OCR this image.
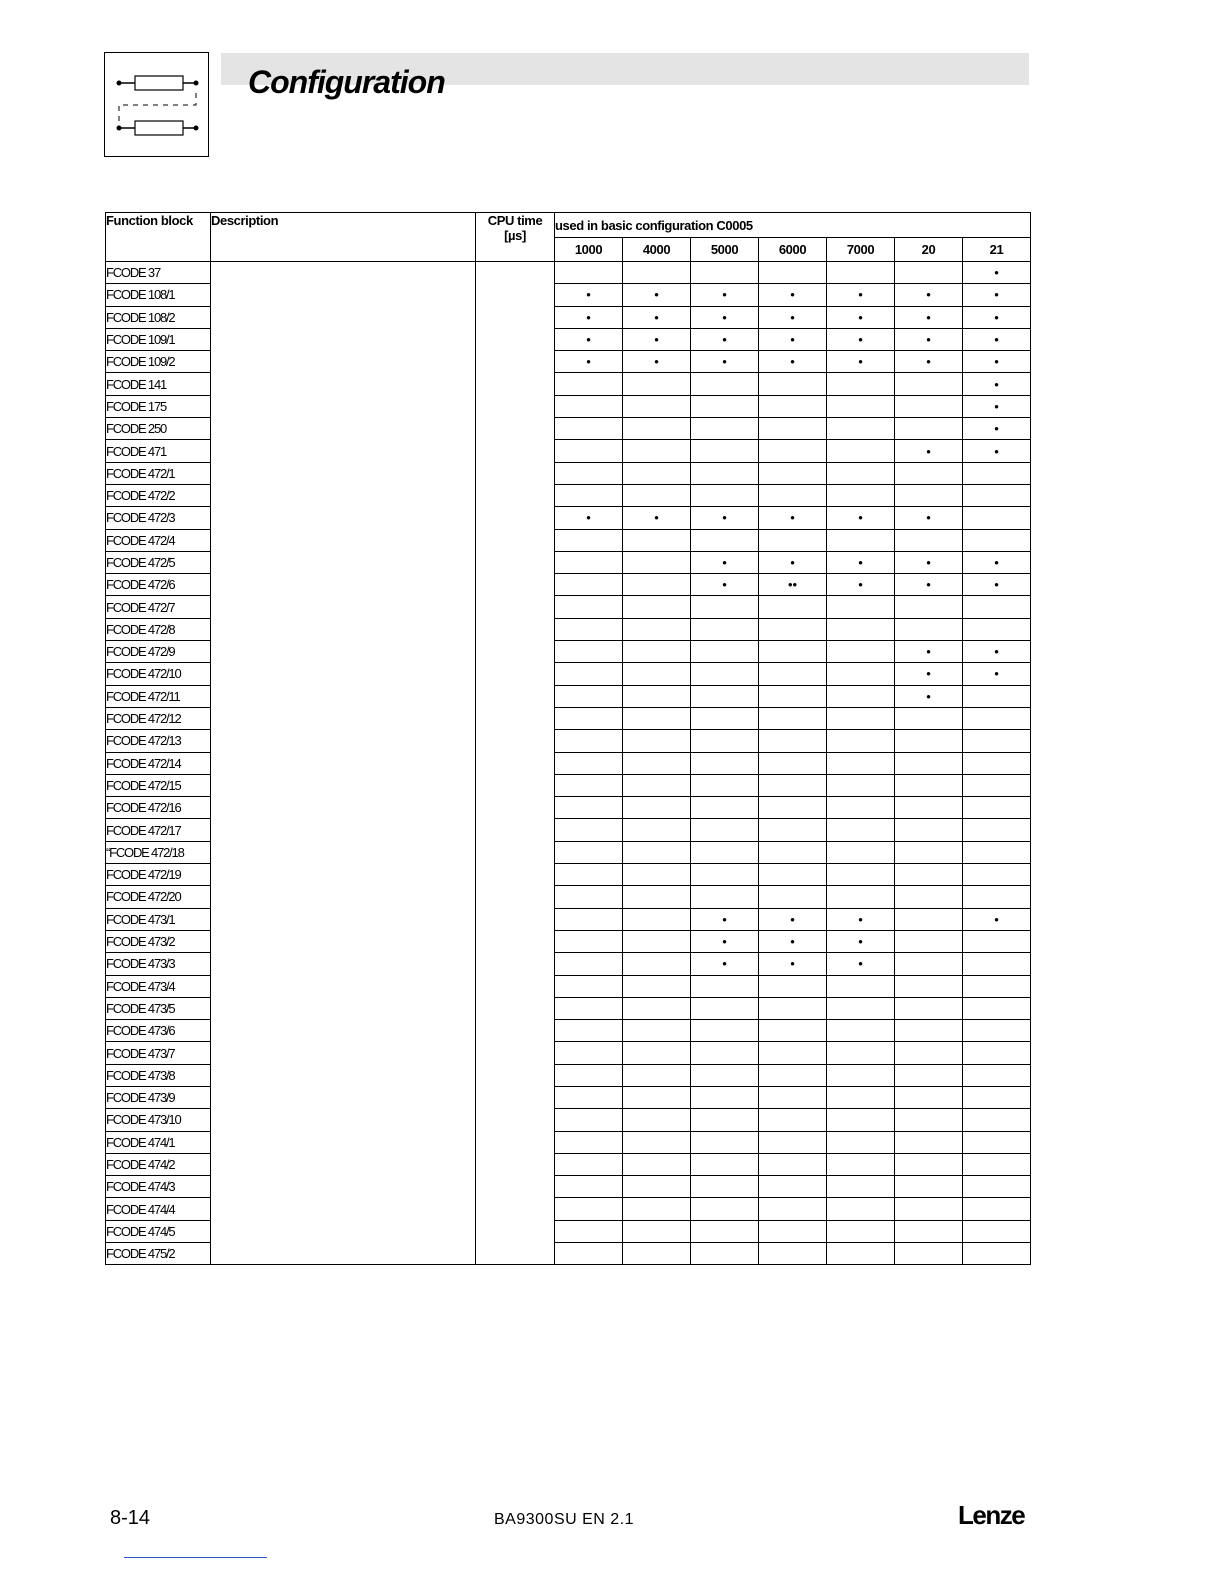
Configuration
Function block	Description	CPU time
[µs]	used in basic configuration C0005						
			1000	4000	5000	6000	7000	20	21
FCODE 37									•
FCODE 108/1			•	•	•	•	•	•	•
FCODE 108/2			•	•	•	•	•	•	•
FCODE 109/1			•	•	•	•	•	•	•
FCODE 109/2			•	•	•	•	•	•	•
FCODE 141									•
FCODE 175									•
FCODE 250									•
FCODE 471								•	•
FCODE 472/1									
FCODE 472/2									
FCODE 472/3			•	•	•	•	•	•	
FCODE 472/4									
FCODE 472/5					•	•	•	•	•
FCODE 472/6					•	••	•	•	•
FCODE 472/7									
FCODE 472/8									
FCODE 472/9								•	•
FCODE 472/10								•	•
FCODE 472/11								•	
FCODE 472/12									
FCODE 472/13									
FCODE 472/14									
FCODE 472/15									
FCODE 472/16									
FCODE 472/17									
“FCODE 472/18									
FCODE 472/19									
FCODE 472/20									
FCODE 473/1					•	•	•		•
FCODE 473/2					•	•	•		
FCODE 473/3					•	•	•		
FCODE 473/4									
FCODE 473/5									
FCODE 473/6									
FCODE 473/7									
FCODE 473/8									
FCODE 473/9									
FCODE 473/10									
FCODE 474/1									
FCODE 474/2									
FCODE 474/3									
FCODE 474/4									
FCODE 474/5									
FCODE 475/2									
8-14	BA9300SU EN 2.1	Lenze
